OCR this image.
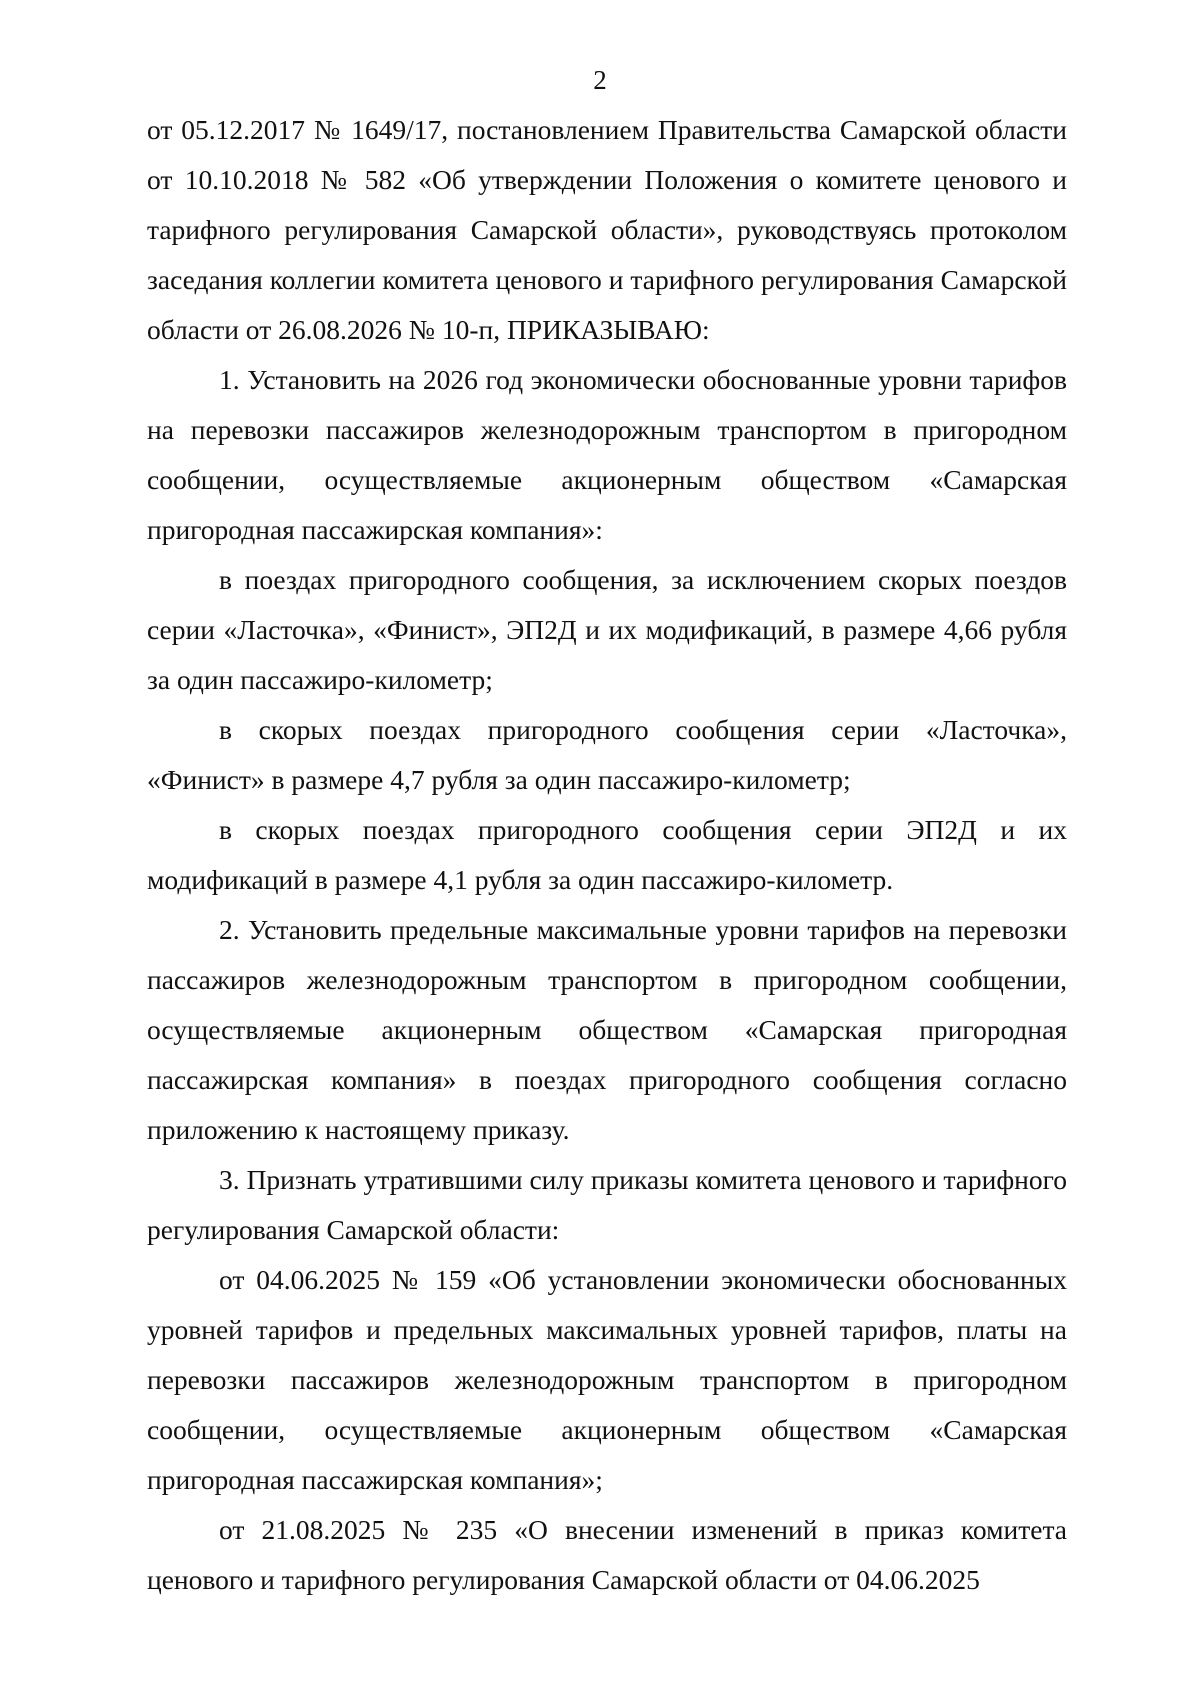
2

от 05.12.2017 № 1649/17, постановлением Правительства Самарской области от 10.10.2018 № 582 «Об утверждении Положения о комитете ценового и тарифного регулирования Самарской области», руководствуясь протоколом заседания коллегии комитета ценового и тарифного регулирования Самарской области от 26.08.2026 № 10-п, ПРИКАЗЫВАЮ:

1. Установить на 2026 год экономически обоснованные уровни тарифов на перевозки пассажиров железнодорожным транспортом в пригородном сообщении, осуществляемые акционерным обществом «Самарская пригородная пассажирская компания»:

в поездах пригородного сообщения, за исключением скорых поездов серии «Ласточка», «Финист», ЭП2Д и их модификаций, в размере 4,66 рубля за один пассажиро-километр;

в скорых поездах пригородного сообщения серии «Ласточка», «Финист» в размере 4,7 рубля за один пассажиро-километр;

в скорых поездах пригородного сообщения серии ЭП2Д и их модификаций в размере 4,1 рубля за один пассажиро-километр.

2. Установить предельные максимальные уровни тарифов на перевозки пассажиров железнодорожным транспортом в пригородном сообщении, осуществляемые акционерным обществом «Самарская пригородная пассажирская компания» в поездах пригородного сообщения согласно приложению к настоящему приказу.

3. Признать утратившими силу приказы комитета ценового и тарифного регулирования Самарской области:

от 04.06.2025 № 159 «Об установлении экономически обоснованных уровней тарифов и предельных максимальных уровней тарифов, платы на перевозки пассажиров железнодорожным транспортом в пригородном сообщении, осуществляемые акционерным обществом «Самарская пригородная пассажирская компания»;

от 21.08.2025 № 235 «О внесении изменений в приказ комитета ценового и тарифного регулирования Самарской области от 04.06.2025
